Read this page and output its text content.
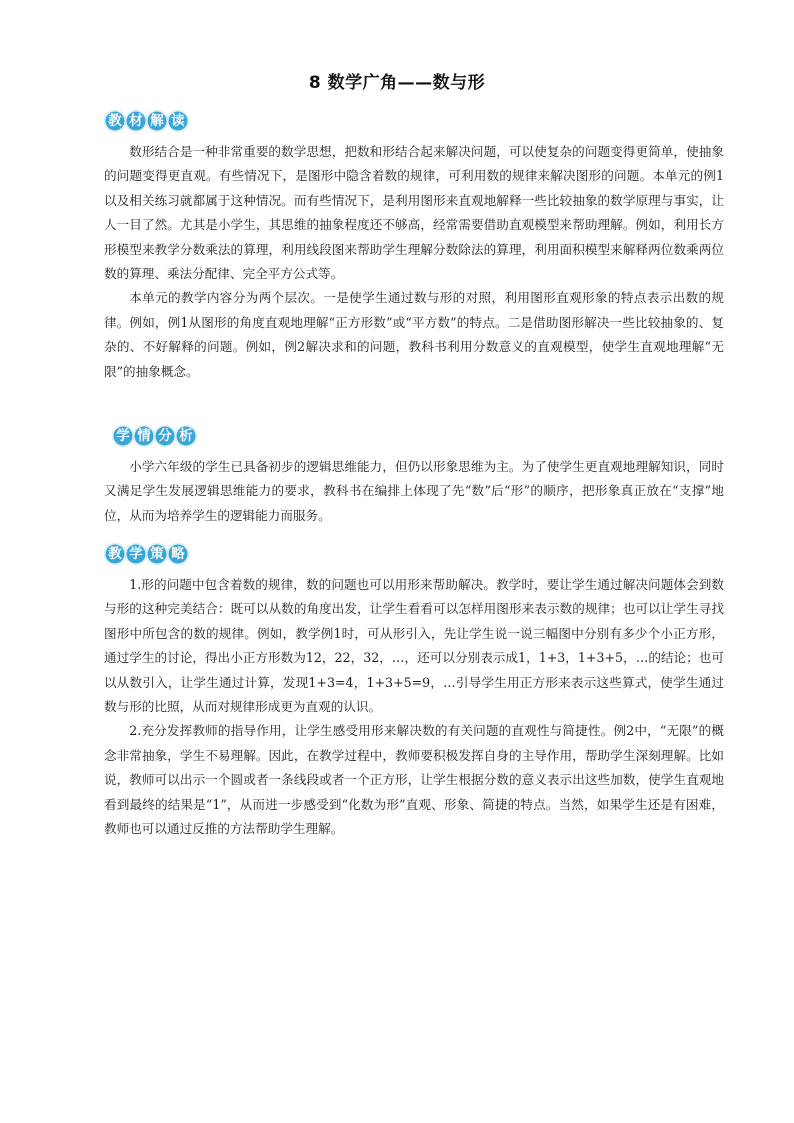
8 数学广角——数与形
教 材 解 读

数形结合是一种非常重要的数学思想，把数和形结合起来解决问题，可以使复杂的问题变得更简单，使抽象的问题变得更直观。有些情况下，是图形中隐含着数的规律，可利用数的规律来解决图形的问题。本单元的例1以及相关练习就都属于这种情况。而有些情况下，是利用图形来直观地解释一些比较抽象的数学原理与事实，让人一目了然。尤其是小学生，其思维的抽象程度还不够高，经常需要借助直观模型来帮助理解。例如，利用长方形模型来教学分数乘法的算理，利用线段图来帮助学生理解分数除法的算理，利用面积模型来解释两位数乘两位数的算理、乘法分配律、完全平方公式等。

本单元的教学内容分为两个层次。一是使学生通过数与形的对照，利用图形直观形象的特点表示出数的规律。例如，例1从图形的角度直观地理解“正方形数”或“平方数”的特点。二是借助图形解决一些比较抽象的、复杂的、不好解释的问题。例如，例2解决求和的问题，教科书利用分数意义的直观模型，使学生直观地理解“无限”的抽象概念。

学 情 分 析

小学六年级的学生已具备初步的逻辑思维能力，但仍以形象思维为主。为了使学生更直观地理解知识，同时又满足学生发展逻辑思维能力的要求，教科书在编排上体现了先“数”后“形”的顺序，把形象真正放在“支撑”地位，从而为培养学生的逻辑能力而服务。

教 学 策 略

1.形的问题中包含着数的规律，数的问题也可以用形来帮助解决。教学时，要让学生通过解决问题体会到数与形的这种完美结合：既可以从数的角度出发，让学生看看可以怎样用图形来表示数的规律；也可以让学生寻找图形中所包含的数的规律。例如，教学例1时，可从形引入，先让学生说一说三幅图中分别有多少个小正方形，通过学生的讨论，得出小正方形数为12，22，32，…，还可以分别表示成1，1+3，1+3+5，…的结论；也可以从数引入，让学生通过计算，发现1+3=4，1+3+5=9，…引导学生用正方形来表示这些算式，使学生通过数与形的比照，从而对规律形成更为直观的认识。

2.充分发挥教师的指导作用，让学生感受用形来解决数的有关问题的直观性与简捷性。例2中，“无限”的概念非常抽象，学生不易理解。因此，在教学过程中，教师要积极发挥自身的主导作用，帮助学生深刻理解。比如说，教师可以出示一个圆或者一条线段或者一个正方形，让学生根据分数的意义表示出这些加数，使学生直观地看到最终的结果是“1”，从而进一步感受到“化数为形”直观、形象、简捷的特点。当然，如果学生还是有困难，教师也可以通过反推的方法帮助学生理解。
